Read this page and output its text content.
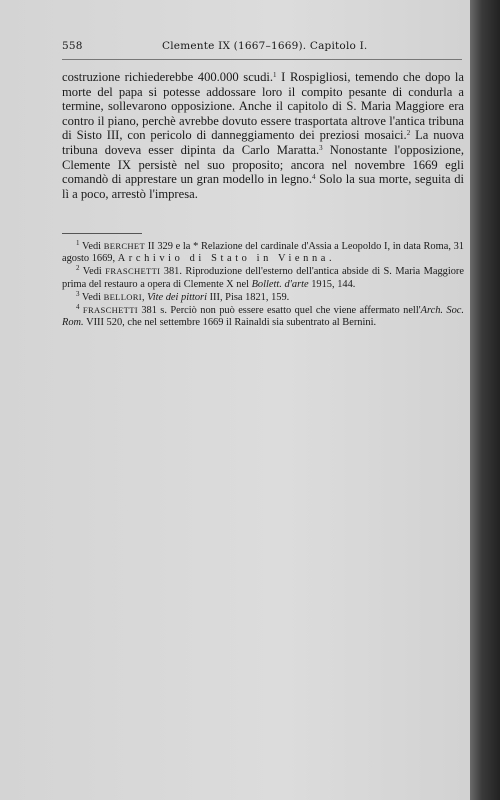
558	Clemente IX (1667–1669). Capitolo I.

costruzione richiederebbe 400.000 scudi.$^1$ I Rospigliosi, temendo che dopo la morte del papa si potesse addossare loro il compito pesante di condurla a termine, sollevarono opposizione. Anche il capitolo di S. Maria Maggiore era contro il piano, perchè avrebbe dovuto essere trasportata altrove l'antica tribuna di Sisto III, con pericolo di danneggiamento dei preziosi mosaici.$^2$ La nuova tribuna doveva esser dipinta da Carlo Maratta.$^3$ Nonostante l'opposizione, Clemente IX persistè nel suo proposito; ancora nel novembre 1669 egli comandò di apprestare un gran modello in legno.$^4$ Solo la sua morte, seguita di lì a poco, arrestò l'impresa.

$^1$ Vedi BERCHET II 329 e la * Relazione del cardinale d'Assia a Leopoldo I, in data Roma, 31 agosto 1669, Archivio di Stato in Vienna.

$^2$ Vedi FRASCHETTI 381. Riproduzione dell'esterno dell'antica abside di S. Maria Maggiore prima del restauro a opera di Clemente X nel Bollett. d'arte 1915, 144.

$^3$ Vedi BELLORI, Vite dei pittori III, Pisa 1821, 159.

$^4$ FRASCHETTI 381 s. Perciò non può essere esatto quel che viene affermato nell'Arch. Soc. Rom. VIII 520, che nel settembre 1669 il Rainaldi sia subentrato al Bernini.
